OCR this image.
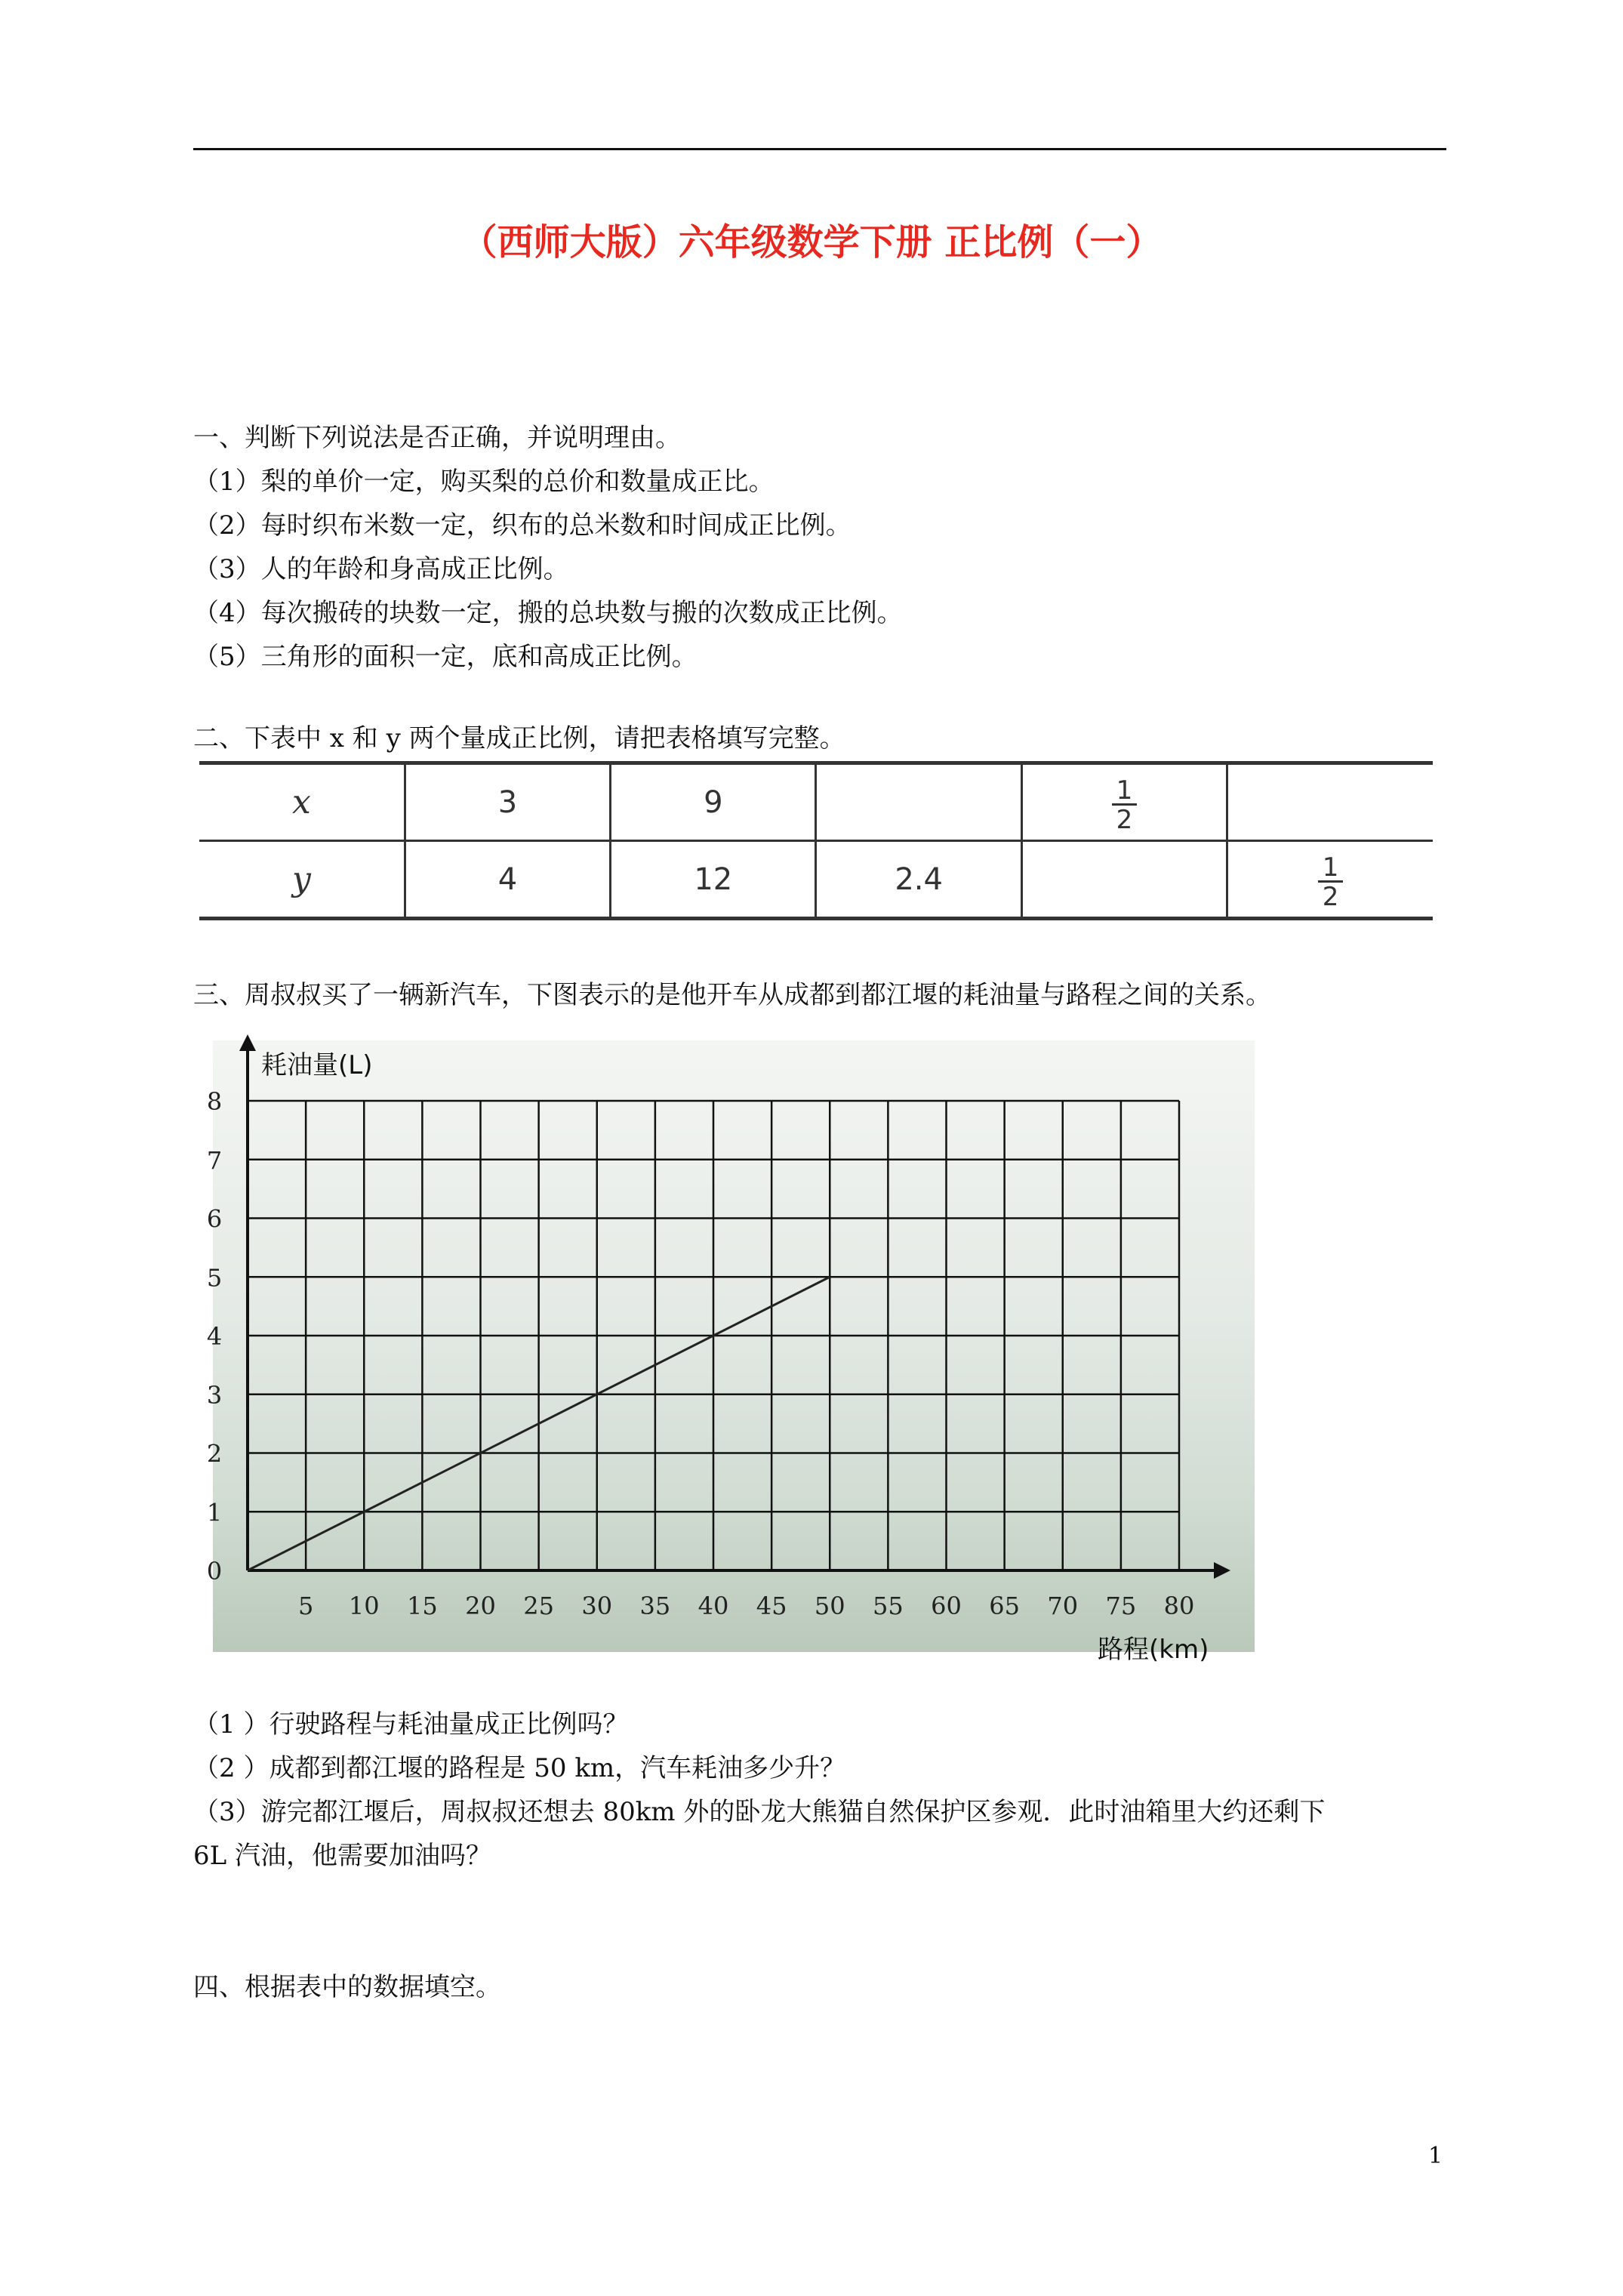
（西师大版）六年级数学下册 正比例（一）
一、判断下列说法是否正确，并说明理由。
（1）梨的单价一定，购买梨的总价和数量成正比。
（2）每时织布米数一定，织布的总米数和时间成正比例。
（3）人的年龄和身高成正比例。
（4）每次搬砖的块数一定，搬的总块数与搬的次数成正比例。
（5）三角形的面积一定，底和高成正比例。
二、下表中 x 和 y 两个量成正比例，请把表格填写完整。
x	3	9		$\frac{1}{2}$

y	4	12	2.4		$\frac{1}{2}$
三、周叔叔买了一辆新汽车，下图表示的是他开车从成都到都江堰的耗油量与路程之间的关系。
5 10 15 20 25 30 35 40 45 50 55 60 65 70 75 80
0
1
2
3
4
5
6
7
8
耗油量(L)
路程(km)
（1 ）行驶路程与耗油量成正比例吗？
（2 ）成都到都江堰的路程是 50 km，汽车耗油多少升？
（3）游完都江堰后，周叔叔还想去 80km 外的卧龙大熊猫自然保护区参观．此时油箱里大约还剩下
6L 汽油，他需要加油吗？
四、根据表中的数据填空。
1
